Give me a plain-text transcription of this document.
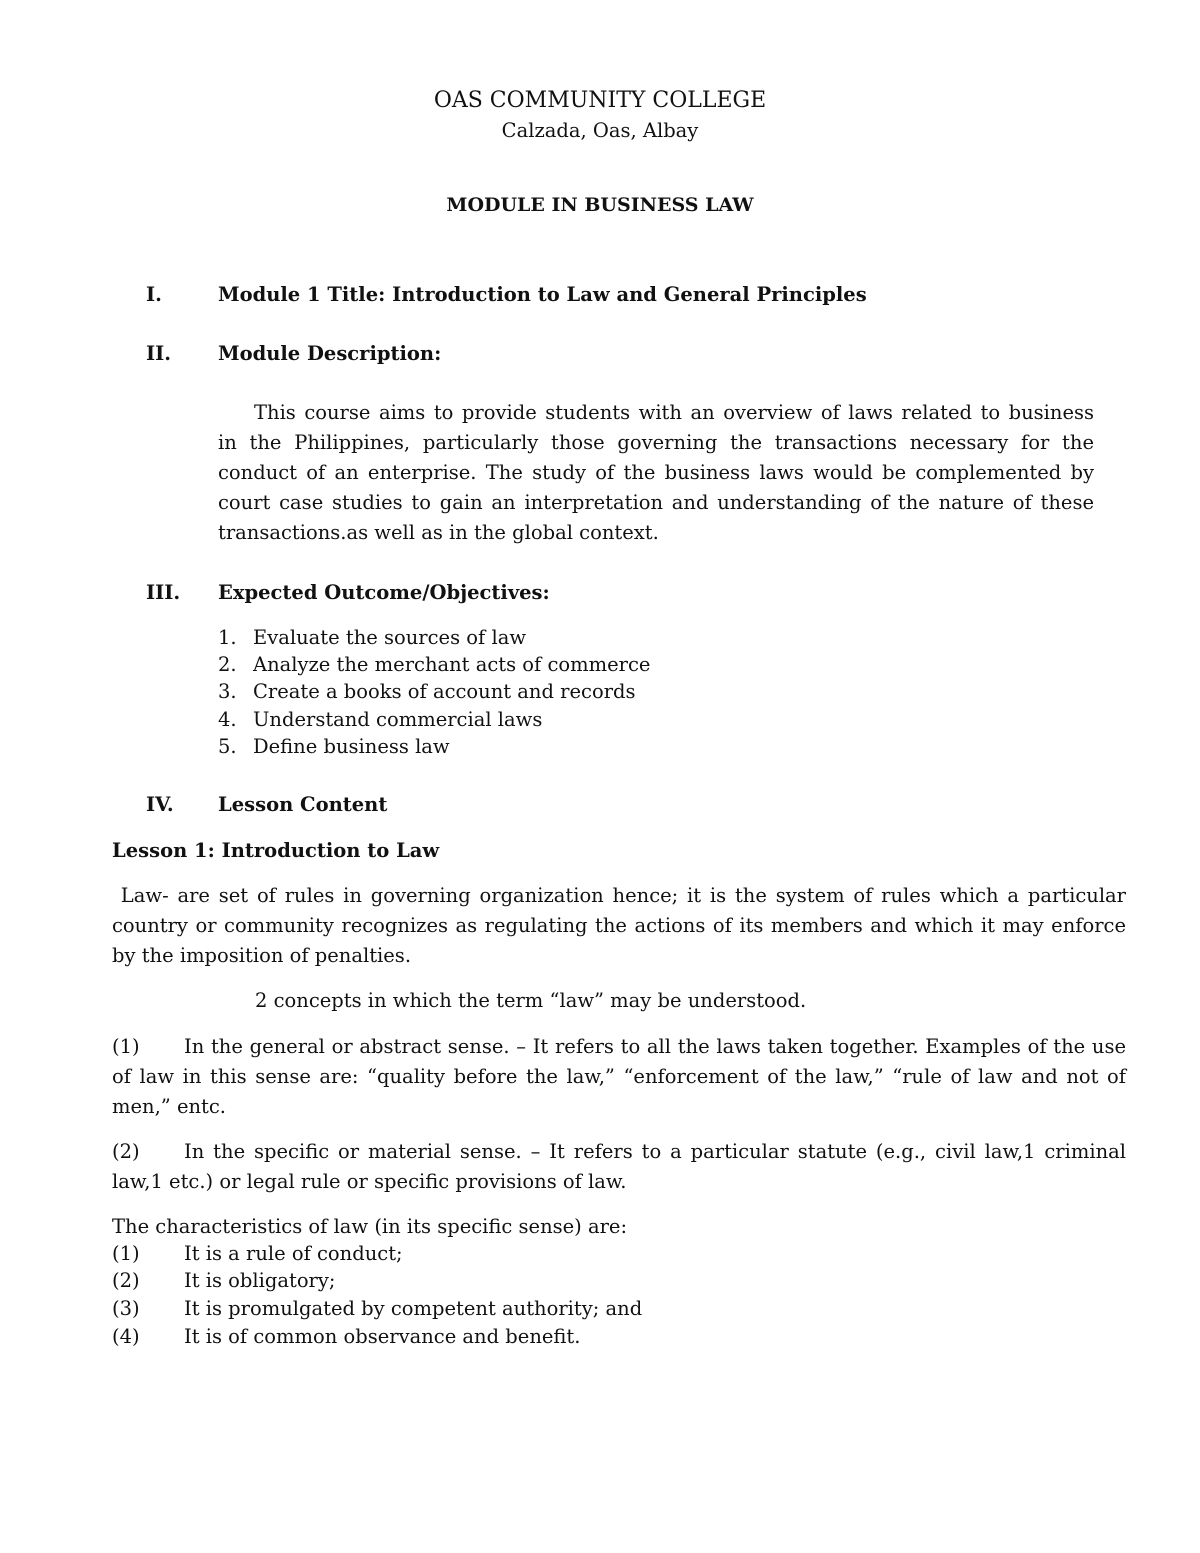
OAS COMMUNITY COLLEGE
Calzada, Oas, Albay
MODULE IN BUSINESS LAW
I.	Module 1 Title: Introduction to Law and General Principles
II. Module Description:
This course aims to provide students with an overview of laws related to business
in the Philippines, particularly those governing the transactions necessary for the
conduct of an enterprise. The study of the business laws would be complemented by
court case studies to gain an interpretation and understanding of the nature of these
transactions.as well as in the global context.
III. Expected Outcome/Objectives:
1. Evaluate the sources of law
2. Analyze the merchant acts of commerce
3. Create a books of account and records
4. Understand commercial laws
5. Define business law
IV. Lesson Content
Lesson 1: Introduction to Law
Law- are set of rules in governing organization hence; it is the system of rules which a particular
country or community recognizes as regulating the actions of its members and which it may enforce
by the imposition of penalties.
2 concepts in which the term “law” may be understood.
(1)	In the general or abstract sense. – It refers to all the laws taken together. Examples of the use
of law in this sense are: “quality before the law,” “enforcement of the law,” “rule of law and not of
men,” entc.
(2)	In the specific or material sense. – It refers to a particular statute (e.g., civil law,1 criminal
law,1 etc.) or legal rule or specific provisions of law.
The characteristics of law (in its specific sense) are:
(1) It is a rule of conduct;
(2) It is obligatory;
(3) It is promulgated by competent authority; and
(4) It is of common observance and benefit.
